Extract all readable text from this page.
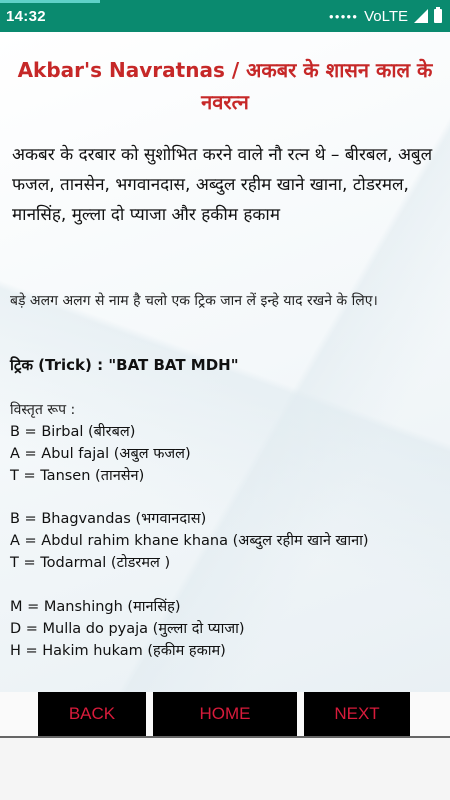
14:32	●●●●● VoLTE
Akbar's Navratnas / अकबर के शासन काल के नवरत्न
अकबर के दरबार को सुशोभित करने वाले नौ रत्न थे – बीरबल, अबुल फजल, तानसेन, भगवानदास, अब्दुल रहीम खाने खाना, टोडरमल, मानसिंह, मुल्ला दो प्याजा और हकीम हकाम
बड़े अलग अलग से नाम है चलो एक ट्रिक जान लें इन्हे याद रखने के लिए।
ट्रिक (Trick) : "BAT BAT MDH"
विस्तृत रूप :
B = Birbal (बीरबल)
A = Abul fajal (अबुल फजल)
T = Tansen (तानसेन)
B = Bhagvandas (भगवानदास)
A = Abdul rahim khane khana (अब्दुल रहीम खाने खाना)
T = Todarmal (टोडरमल )
M = Manshingh (मानसिंह)
D = Mulla do pyaja (मुल्ला दो प्याजा)
H = Hakim hukam (हकीम हकाम)
BACK	HOME	NEXT
